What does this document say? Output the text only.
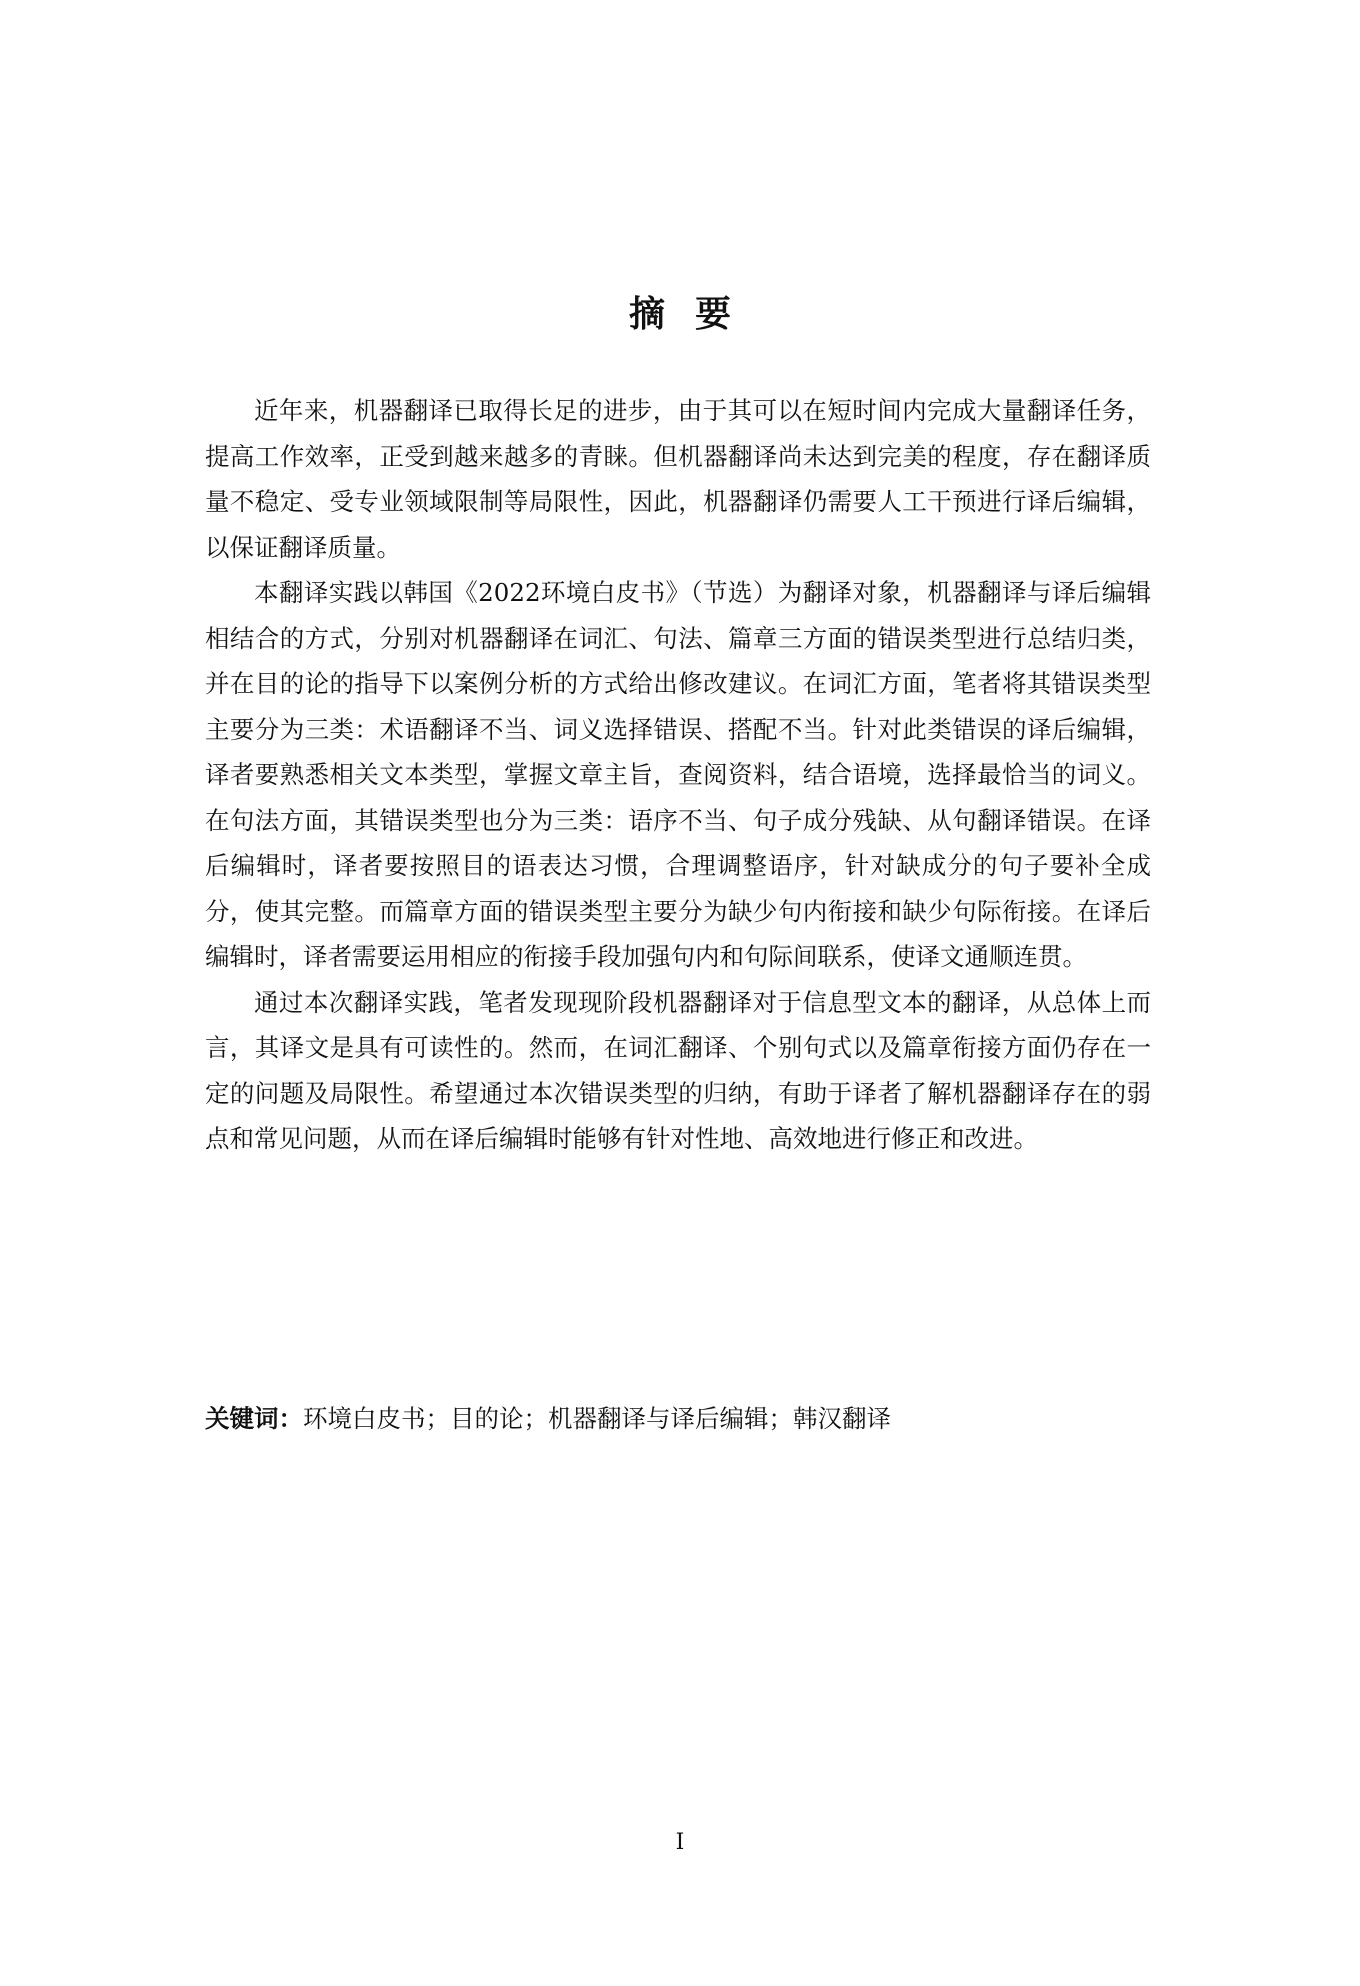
摘要

近年来，机器翻译已取得长足的进步，由于其可以在短时间内完成大量翻译任务，提高工作效率，正受到越来越多的青睐。但机器翻译尚未达到完美的程度，存在翻译质量不稳定、受专业领域限制等局限性，因此，机器翻译仍需要人工干预进行译后编辑，以保证翻译质量。

本翻译实践以韩国《2022环境白皮书》（节选）为翻译对象，机器翻译与译后编辑相结合的方式，分别对机器翻译在词汇、句法、篇章三方面的错误类型进行总结归类，并在目的论的指导下以案例分析的方式给出修改建议。在词汇方面，笔者将其错误类型主要分为三类：术语翻译不当、词义选择错误、搭配不当。针对此类错误的译后编辑，译者要熟悉相关文本类型，掌握文章主旨，查阅资料，结合语境，选择最恰当的词义。在句法方面，其错误类型也分为三类：语序不当、句子成分残缺、从句翻译错误。在译后编辑时，译者要按照目的语表达习惯，合理调整语序，针对缺成分的句子要补全成分，使其完整。而篇章方面的错误类型主要分为缺少句内衔接和缺少句际衔接。在译后编辑时，译者需要运用相应的衔接手段加强句内和句际间联系，使译文通顺连贯。

通过本次翻译实践，笔者发现现阶段机器翻译对于信息型文本的翻译，从总体上而言，其译文是具有可读性的。然而，在词汇翻译、个别句式以及篇章衔接方面仍存在一定的问题及局限性。希望通过本次错误类型的归纳，有助于译者了解机器翻译存在的弱点和常见问题，从而在译后编辑时能够有针对性地、高效地进行修正和改进。

关键词：环境白皮书；目的论；机器翻译与译后编辑；韩汉翻译
I
